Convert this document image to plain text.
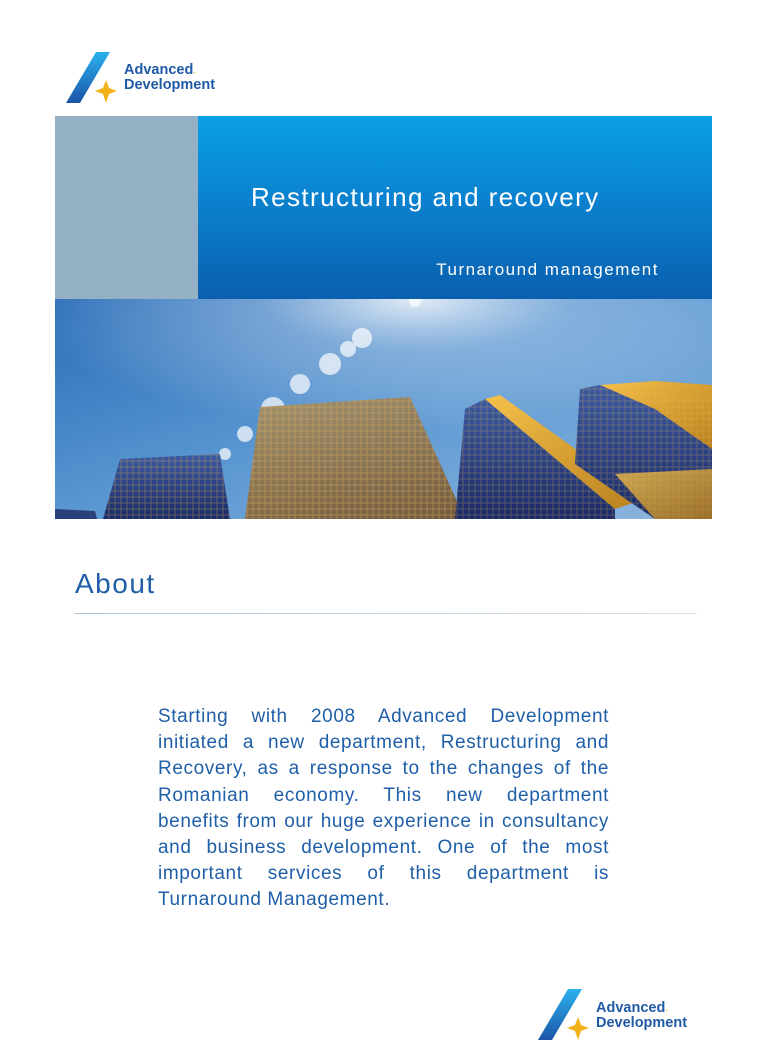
Advanced.
Development
Restructuring and recovery
Turnaround management
About
Starting with 2008 Advanced Development initiated a new department, Restructuring and Recovery, as a response to the changes of the Romanian economy. This new department benefits from our huge experience in consultancy and business development. One of the most important services of this department is Turnaround Management.
Advanced.
Development
